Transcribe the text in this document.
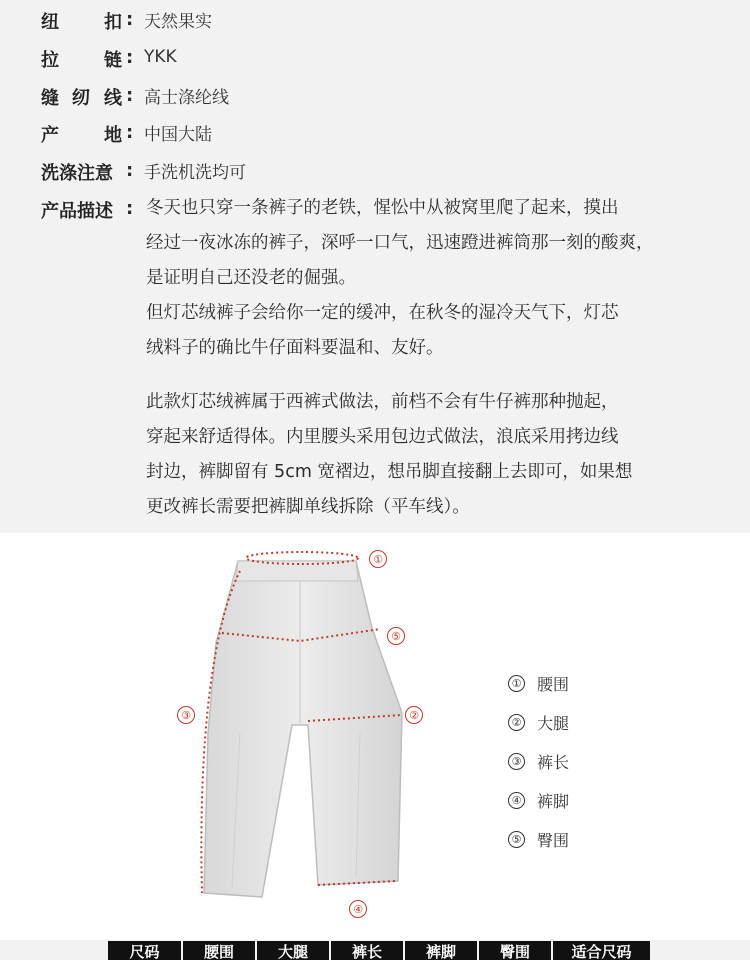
纽	扣 : 天然果实
拉	链 : YKK
缝 纫 线 : 高士涤纶线
产	地 : 中国大陆
洗涤注意 : 手洗机洗均可
产品描述 : 冬天也只穿一条裤子的老铁，惺忪中从被窝里爬了起来，摸出
经过一夜冰冻的裤子，深呼一口气，迅速蹬进裤筒那一刻的酸爽，
是证明自己还没老的倔强。
但灯芯绒裤子会给你一定的缓冲，在秋冬的湿冷天气下，灯芯
绒料子的确比牛仔面料要温和、友好。
此款灯芯绒裤属于西裤式做法，前档不会有牛仔裤那种抛起，
穿起来舒适得体。内里腰头采用包边式做法，浪底采用拷边线
封边，裤脚留有 5cm 宽褶边，想吊脚直接翻上去即可，如果想
更改裤长需要把裤脚单线拆除（平车线）。
①
⑤
③	②
④
① 腰围
② 大腿
③ 裤长
④ 裤脚
⑤ 臀围
尺码	腰围	大腿	裤长	裤脚	臀围	适合尺码
